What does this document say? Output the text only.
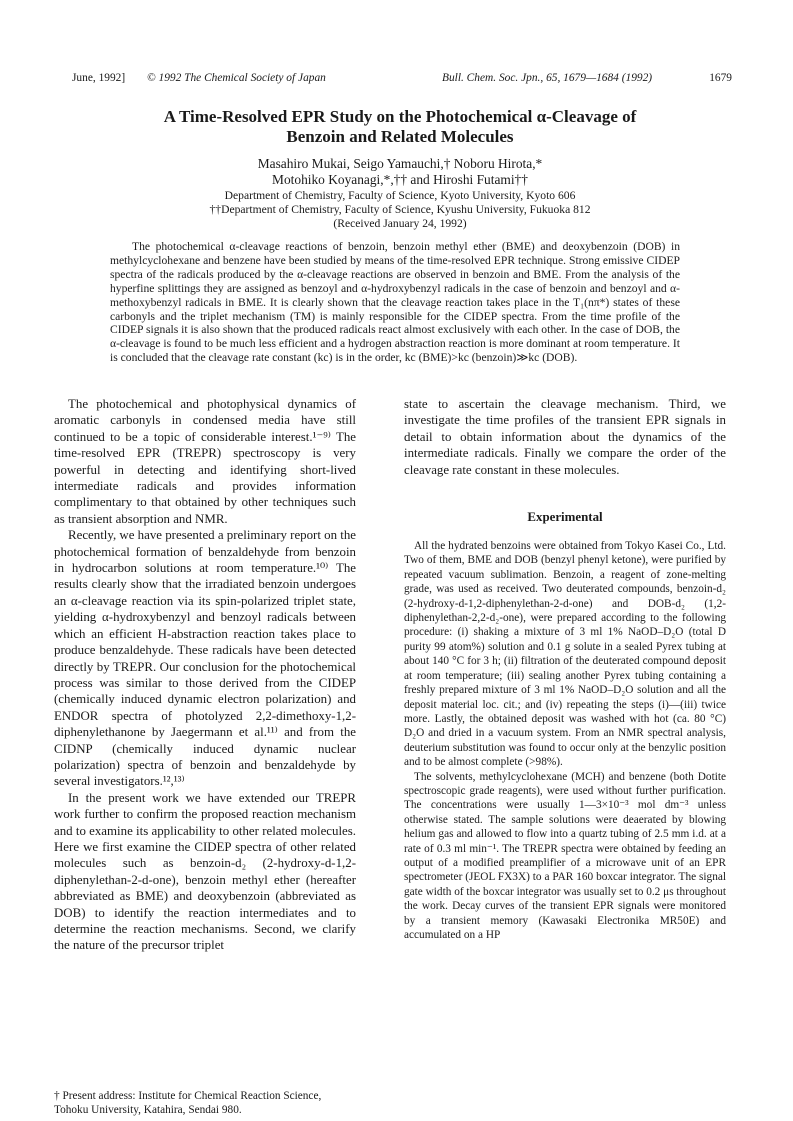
June, 1992] © 1992 The Chemical Society of Japan	Bull. Chem. Soc. Jpn., 65, 1679—1684 (1992)	1679
A Time-Resolved EPR Study on the Photochemical α-Cleavage of
Benzoin and Related Molecules
Masahiro Mukai, Seigo Yamauchi,† Noboru Hirota,*
Motohiko Koyanagi,*,†† and Hiroshi Futami††
Department of Chemistry, Faculty of Science, Kyoto University, Kyoto 606
††Department of Chemistry, Faculty of Science, Kyushu University, Fukuoka 812
(Received January 24, 1992)

The photochemical α-cleavage reactions of benzoin, benzoin methyl ether (BME) and deoxybenzoin (DOB) in methylcyclohexane and benzene have been studied by means of the time-resolved EPR technique. Strong emissive CIDEP spectra of the radicals produced by the α-cleavage reactions are observed in benzoin and BME. From the analysis of the hyperfine splittings they are assigned as benzoyl and α-hydroxybenzyl radicals in the case of benzoin and benzoyl and α-methoxybenzyl radicals in BME. It is clearly shown that the cleavage reaction takes place in the T₁(nπ*) states of these carbonyls and the triplet mechanism (TM) is mainly responsible for the CIDEP spectra. From the time profile of the CIDEP signals it is also shown that the produced radicals react almost exclusively with each other. In the case of DOB, the α-cleavage is found to be much less efficient and a hydrogen abstraction reaction is more dominant at room temperature. It is concluded that the cleavage rate constant (kc) is in the order, kc (BME)>kc (benzoin)≫kc (DOB).

The photochemical and photophysical dynamics of aromatic carbonyls in condensed media have still continued to be a topic of considerable interest.¹⁻⁹⁾ The time-resolved EPR (TREPR) spectroscopy is very powerful in detecting and identifying short-lived intermediate radicals and provides information complimentary to that obtained by other techniques such as transient absorption and NMR.

Recently, we have presented a preliminary report on the photochemical formation of benzaldehyde from benzoin in hydrocarbon solutions at room temperature.¹⁰⁾ The results clearly show that the irradiated benzoin undergoes an α-cleavage reaction via its spin-polarized triplet state, yielding α-hydroxybenzyl and benzoyl radicals between which an efficient H-abstraction reaction takes place to produce benzaldehyde. These radicals have been detected directly by TREPR. Our conclusion for the photochemical process was similar to those derived from the CIDEP (chemically induced dynamic electron polarization) and ENDOR spectra of photolyzed 2,2-dimethoxy-1,2-diphenylethanone by Jaegermann et al.¹¹⁾ and from the CIDNP (chemically induced dynamic nuclear polarization) spectra of benzoin and benzaldehyde by several investigators.¹²,¹³⁾

In the present work we have extended our TREPR work further to confirm the proposed reaction mechanism and to examine its applicability to other related molecules. Here we first examine the CIDEP spectra of other related molecules such as benzoin-d₂ (2-hydroxy-d-1,2-diphenylethan-2-d-one), benzoin methyl ether (hereafter abbreviated as BME) and deoxybenzoin (abbreviated as DOB) to identify the reaction intermediates and to determine the reaction mechanisms. Second, we clarify the nature of the precursor triplet

state to ascertain the cleavage mechanism. Third, we investigate the time profiles of the transient EPR signals in detail to obtain information about the dynamics of the intermediate radicals. Finally we compare the order of the cleavage rate constant in these molecules.

Experimental

All the hydrated benzoins were obtained from Tokyo Kasei Co., Ltd. Two of them, BME and DOB (benzyl phenyl ketone), were purified by repeated vacuum sublimation. Benzoin, a reagent of zone-melting grade, was used as received. Two deuterated compounds, benzoin-d₂ (2-hydroxy-d-1,2-diphenylethan-2-d-one) and DOB-d₂ (1,2-diphenylethan-2,2-d₂-one), were prepared according to the following procedure: (i) shaking a mixture of 3 ml 1% NaOD–D₂O (total D purity 99 atom%) solution and 0.1 g solute in a sealed Pyrex tubing at about 140 °C for 3 h; (ii) filtration of the deuterated compound deposit at room temperature; (iii) sealing another Pyrex tubing containing a freshly prepared mixture of 3 ml 1% NaOD–D₂O solution and all the deposit material loc. cit.; and (iv) repeating the steps (i)—(iii) twice more. Lastly, the obtained deposit was washed with hot (ca. 80 °C) D₂O and dried in a vacuum system. From an NMR spectral analysis, deuterium substitution was found to occur only at the benzylic position and to be almost complete (>98%).

The solvents, methylcyclohexane (MCH) and benzene (both Dotite spectroscopic grade reagents), were used without further purification. The concentrations were usually 1—3×10⁻³ mol dm⁻³ unless otherwise stated. The sample solutions were deaerated by blowing helium gas and allowed to flow into a quartz tubing of 2.5 mm i.d. at a rate of 0.3 ml min⁻¹. The TREPR spectra were obtained by feeding an output of a modified preamplifier of a microwave unit of an EPR spectrometer (JEOL FX3X) to a PAR 160 boxcar integrator. The signal gate width of the boxcar integrator was usually set to 0.2 μs throughout the work. Decay curves of the transient EPR signals were monitored by a transient memory (Kawasaki Electronika MR50E) and accumulated on a HP

† Present address: Institute for Chemical Reaction Science, Tohoku University, Katahira, Sendai 980.
